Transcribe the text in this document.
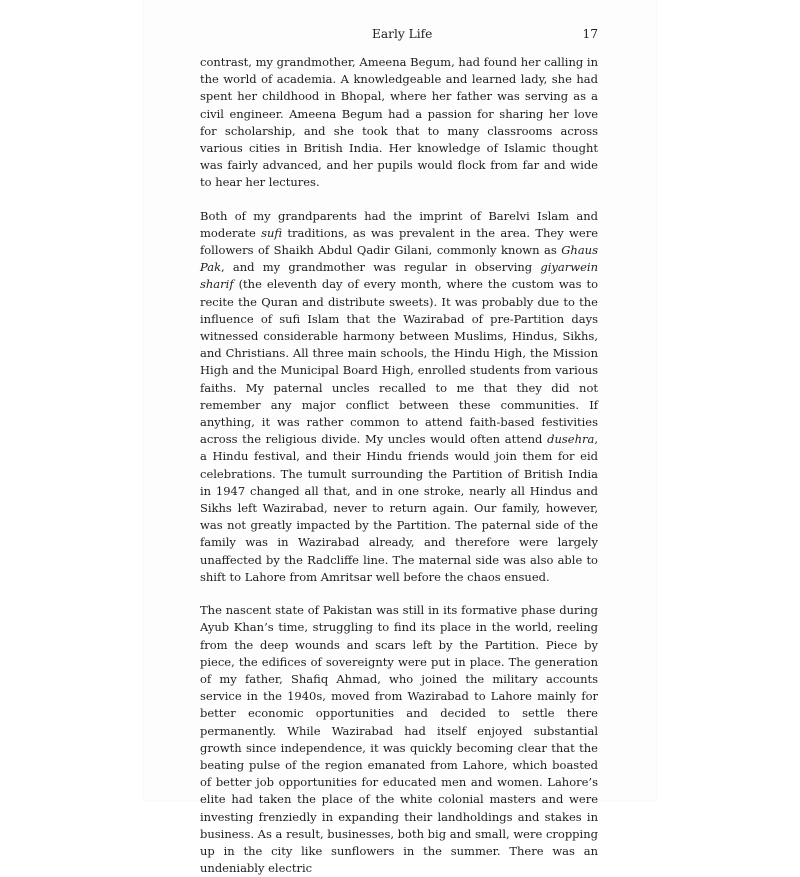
Early Life	17

contrast, my grandmother, Ameena Begum, had found her calling in the world of academia. A knowledgeable and learned lady, she had spent her childhood in Bhopal, where her father was serving as a civil engineer. Ameena Begum had a passion for sharing her love for scholarship, and she took that to many classrooms across various cities in British India. Her knowledge of Islamic thought was fairly advanced, and her pupils would flock from far and wide to hear her lectures.

Both of my grandparents had the imprint of Barelvi Islam and moderate sufi traditions, as was prevalent in the area. They were followers of Shaikh Abdul Qadir Gilani, commonly known as Ghaus Pak, and my grandmother was regular in observing giyarwein sharif (the eleventh day of every month, where the custom was to recite the Quran and distribute sweets). It was probably due to the influence of sufi Islam that the Wazirabad of pre-Partition days witnessed considerable harmony between Muslims, Hindus, Sikhs, and Christians. All three main schools, the Hindu High, the Mission High and the Municipal Board High, enrolled students from various faiths. My paternal uncles recalled to me that they did not remember any major conflict between these communities. If anything, it was rather common to attend faith-based festivities across the religious divide. My uncles would often attend dusehra, a Hindu festival, and their Hindu friends would join them for eid celebrations. The tumult surrounding the Partition of British India in 1947 changed all that, and in one stroke, nearly all Hindus and Sikhs left Wazirabad, never to return again. Our family, however, was not greatly impacted by the Partition. The paternal side of the family was in Wazirabad already, and therefore were largely unaffected by the Radcliffe line. The maternal side was also able to shift to Lahore from Amritsar well before the chaos ensued.

The nascent state of Pakistan was still in its formative phase during Ayub Khan’s time, struggling to find its place in the world, reeling from the deep wounds and scars left by the Partition. Piece by piece, the edifices of sovereignty were put in place. The generation of my father, Shafiq Ahmad, who joined the military accounts service in the 1940s, moved from Wazirabad to Lahore mainly for better economic opportunities and decided to settle there permanently. While Wazirabad had itself enjoyed substantial growth since independence, it was quickly becoming clear that the beating pulse of the region emanated from Lahore, which boasted of better job opportunities for educated men and women. Lahore’s elite had taken the place of the white colonial masters and were investing frenziedly in expanding their landholdings and stakes in business. As a result, businesses, both big and small, were cropping up in the city like sunflowers in the summer. There was an undeniably electric
